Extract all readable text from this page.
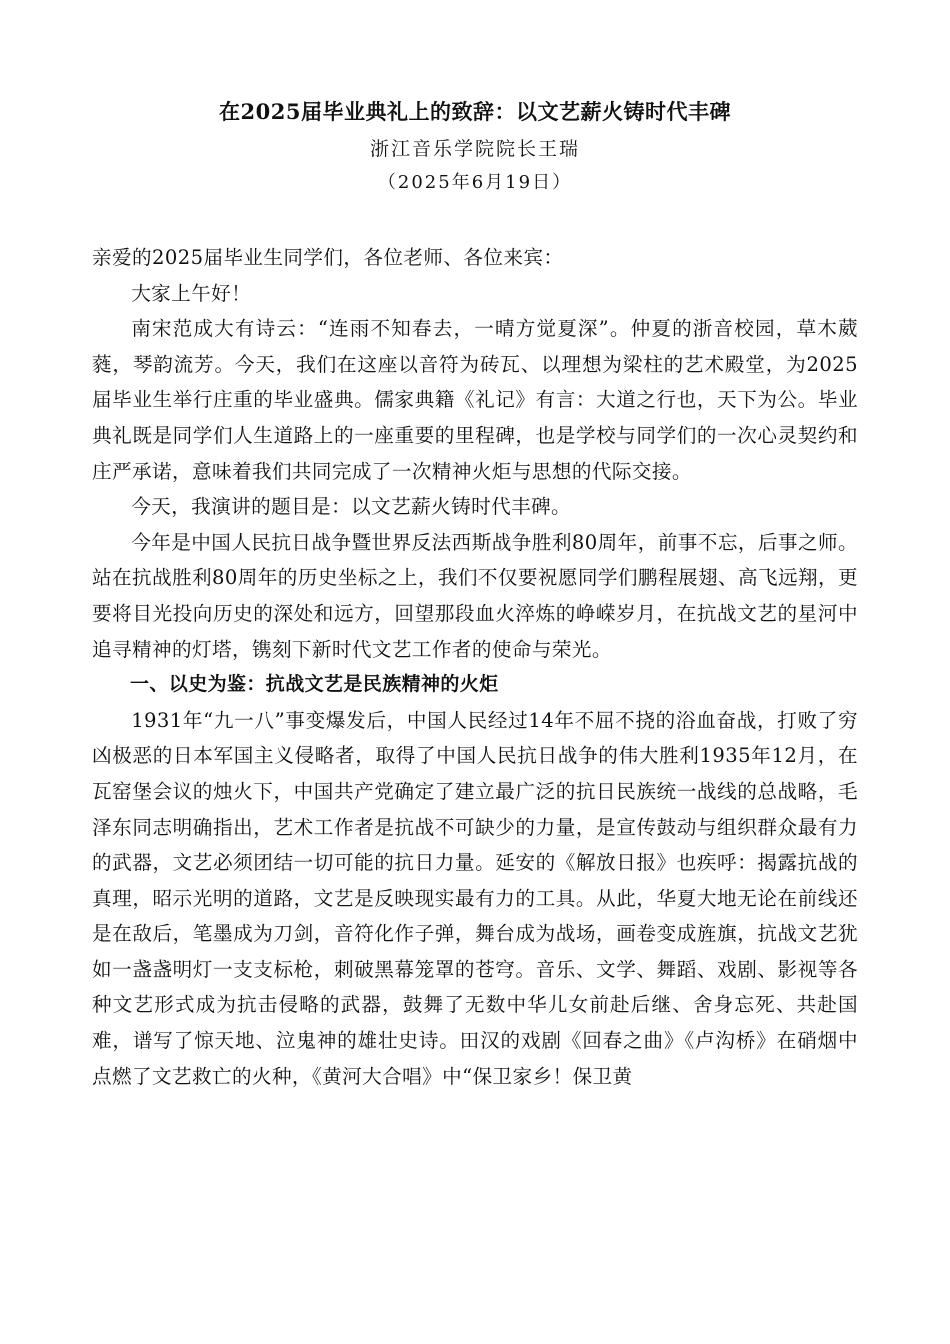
在2025届毕业典礼上的致辞：以文艺薪火铸时代丰碑
浙江音乐学院院长王瑞
（2025年6月19日）

亲爱的2025届毕业生同学们，各位老师、各位来宾：

大家上午好！

南宋范成大有诗云：“连雨不知春去，一晴方觉夏深”。仲夏的浙音校园，草木葳蕤，琴韵流芳。今天，我们在这座以音符为砖瓦、以理想为梁柱的艺术殿堂，为2025届毕业生举行庄重的毕业盛典。儒家典籍《礼记》有言：大道之行也，天下为公。毕业典礼既是同学们人生道路上的一座重要的里程碑，也是学校与同学们的一次心灵契约和庄严承诺，意味着我们共同完成了一次精神火炬与思想的代际交接。

今天，我演讲的题目是：以文艺薪火铸时代丰碑。

今年是中国人民抗日战争暨世界反法西斯战争胜利80周年，前事不忘，后事之师。站在抗战胜利80周年的历史坐标之上，我们不仅要祝愿同学们鹏程展翅、高飞远翔，更要将目光投向历史的深处和远方，回望那段血火淬炼的峥嵘岁月，在抗战文艺的星河中追寻精神的灯塔，镌刻下新时代文艺工作者的使命与荣光。

一、以史为鉴：抗战文艺是民族精神的火炬

1931年“九一八”事变爆发后，中国人民经过14年不屈不挠的浴血奋战，打败了穷凶极恶的日本军国主义侵略者，取得了中国人民抗日战争的伟大胜利1935年12月，在瓦窑堡会议的烛火下，中国共产党确定了建立最广泛的抗日民族统一战线的总战略，毛泽东同志明确指出，艺术工作者是抗战不可缺少的力量，是宣传鼓动与组织群众最有力的武器，文艺必须团结一切可能的抗日力量。延安的《解放日报》也疾呼：揭露抗战的真理，昭示光明的道路，文艺是反映现实最有力的工具。从此，华夏大地无论在前线还是在敌后，笔墨成为刀剑，音符化作子弹，舞台成为战场，画卷变成旌旗，抗战文艺犹如一盏盏明灯一支支标枪，刺破黑幕笼罩的苍穹。音乐、文学、舞蹈、戏剧、影视等各种文艺形式成为抗击侵略的武器，鼓舞了无数中华儿女前赴后继、舍身忘死、共赴国难，谱写了惊天地、泣鬼神的雄壮史诗。田汉的戏剧《回春之曲》《卢沟桥》在硝烟中点燃了文艺救亡的火种，《黄河大合唱》中“保卫家乡！保卫黄
